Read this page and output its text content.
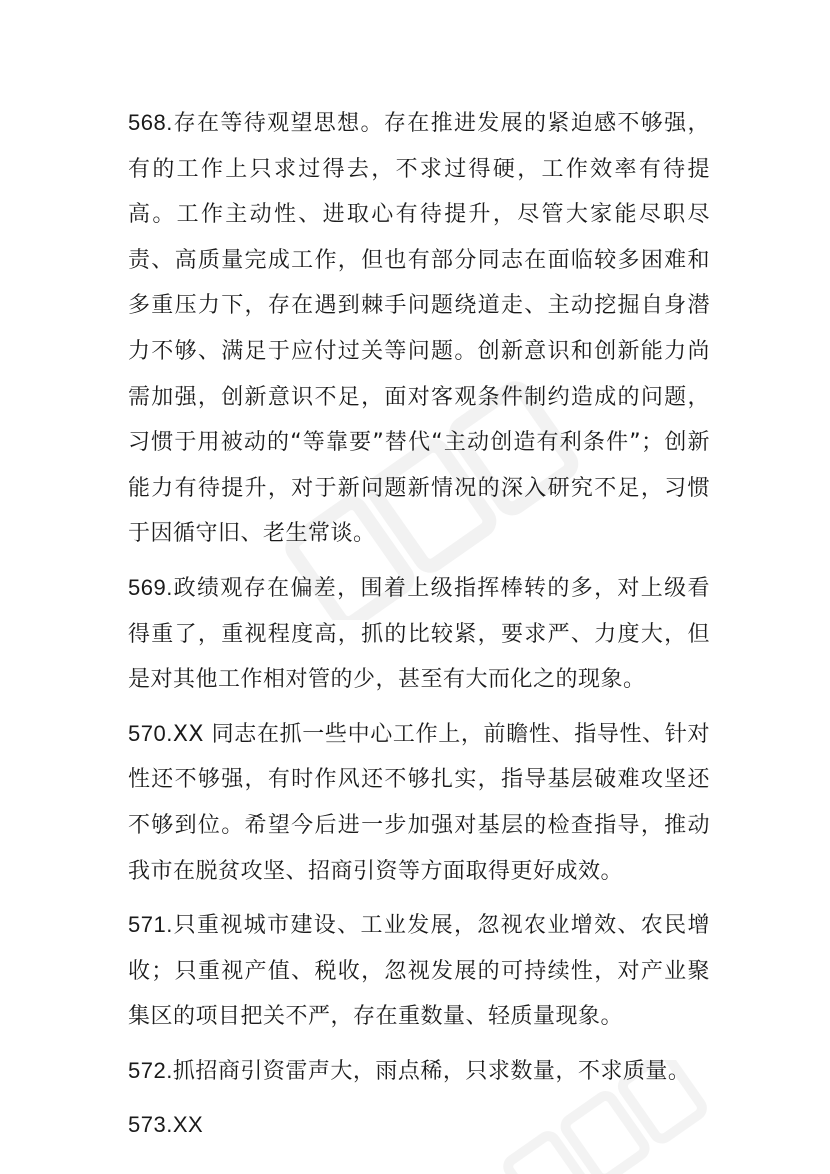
568.存在等待观望思想。存在推进发展的紧迫感不够强，有的工作上只求过得去，不求过得硬，工作效率有待提高。工作主动性、进取心有待提升，尽管大家能尽职尽责、高质量完成工作，但也有部分同志在面临较多困难和多重压力下，存在遇到棘手问题绕道走、主动挖掘自身潜力不够、满足于应付过关等问题。创新意识和创新能力尚需加强，创新意识不足，面对客观条件制约造成的问题，习惯于用被动的“等靠要”替代“主动创造有利条件”；创新能力有待提升，对于新问题新情况的深入研究不足，习惯于因循守旧、老生常谈。

569.政绩观存在偏差，围着上级指挥棒转的多，对上级看得重了，重视程度高，抓的比较紧，要求严、力度大，但是对其他工作相对管的少，甚至有大而化之的现象。

570.XX 同志在抓一些中心工作上，前瞻性、指导性、针对性还不够强，有时作风还不够扎实，指导基层破难攻坚还不够到位。希望今后进一步加强对基层的检查指导，推动我市在脱贫攻坚、招商引资等方面取得更好成效。

571.只重视城市建设、工业发展，忽视农业增效、农民增收；只重视产值、税收，忽视发展的可持续性，对产业聚集区的项目把关不严，存在重数量、轻质量现象。

572.抓招商引资雷声大，雨点稀，只求数量，不求质量。

573.XX
